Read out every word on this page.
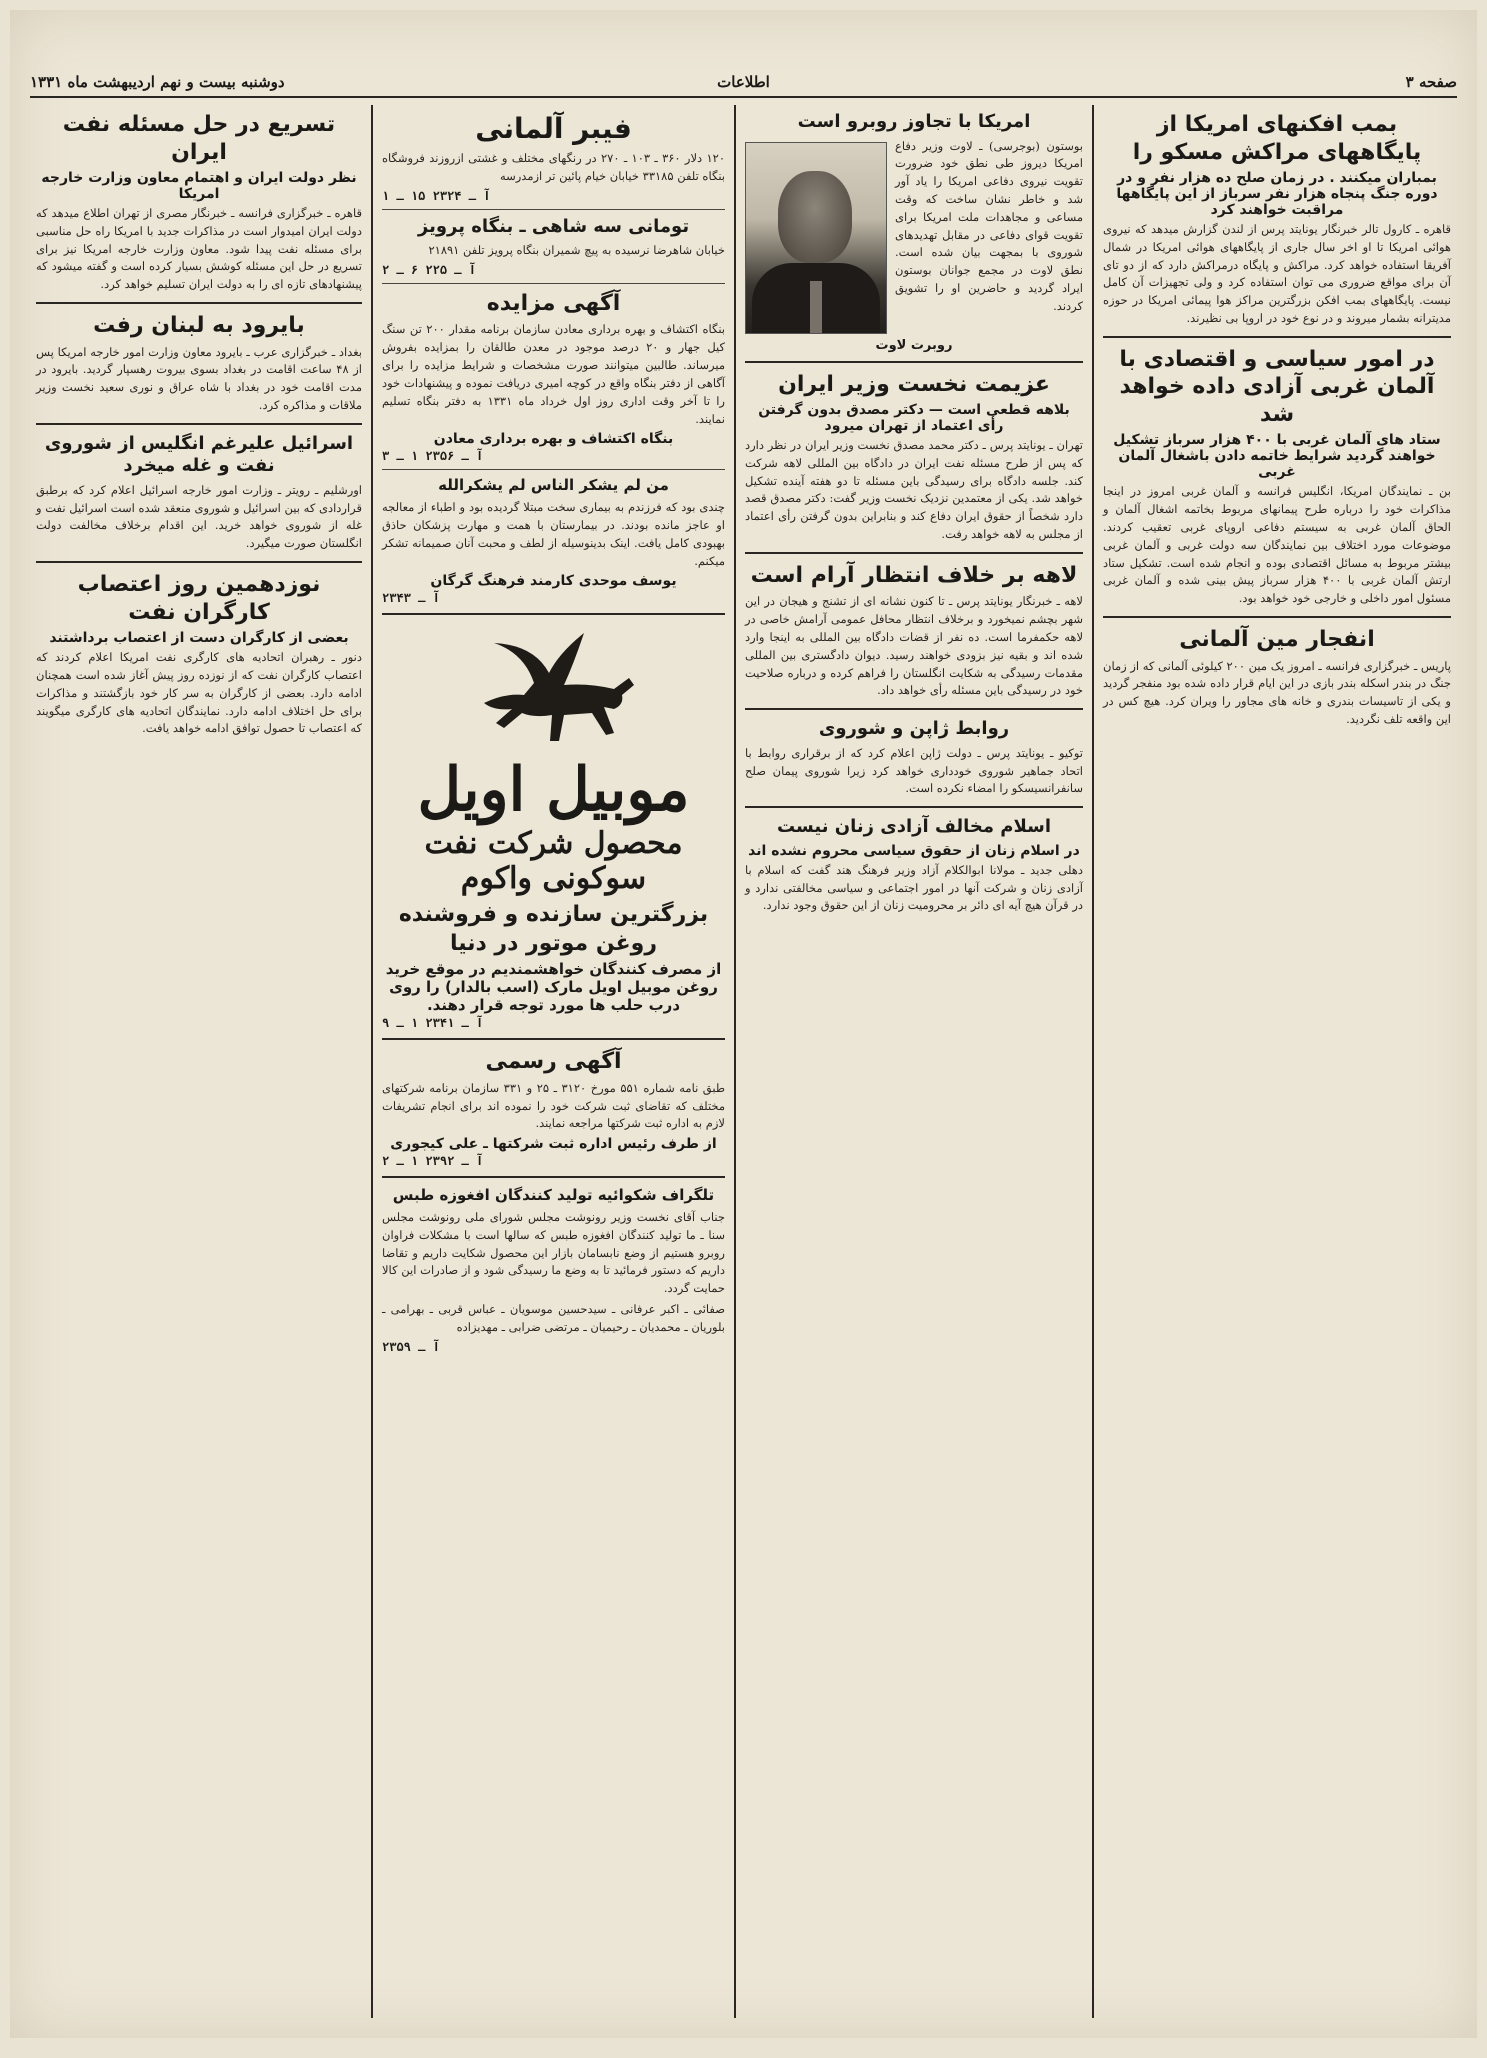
صفحه ۳
اطلاعات
دوشنبه بیست و نهم اردیبهشت ماه ۱۳۳۱
بمب افکنهای امریکا از پایگاههای مراکش مسکو را
بمباران میکنند . در زمان صلح ده هزار نفر و در دوره جنگ پنجاه هزار نفر سرباز از این پایگاهها مراقبت خواهند کرد

قاهره ـ کارول تالر خبرنگار یونایتد پرس از لندن گزارش میدهد که نیروی هوائی امریکا تا او اخر سال جاری از پایگاههای هوائی امریکا در شمال آفریقا استفاده خواهد کرد. مراکش و پایگاه درمراکش دارد که از دو تای آن برای مواقع ضروری می توان استفاده کرد و ولی تجهیزات آن کامل نیست. پایگاههای بمب افکن بزرگترین مراکز هوا پیمائی امریکا در حوزه مدیترانه بشمار میروند و در نوع خود در اروپا بی نظیرند.

در امور سیاسی و اقتصادی با آلمان غربی آزادی داده خواهد شد
ستاد های آلمان غربی با ۴۰۰ هزار سرباز تشکیل خواهند گردید شرایط خاتمه دادن باشغال آلمان غربی

بن ـ نمایندگان امریکا، انگلیس فرانسه و آلمان غربی امروز در اینجا مذاکرات خود را درباره طرح پیمانهای مربوط بخاتمه اشغال آلمان و الحاق آلمان غربی به سیستم دفاعی اروپای غربی تعقیب کردند. موضوعات مورد اختلاف بین نمایندگان سه دولت غربی و آلمان غربی بیشتر مربوط به مسائل اقتصادی بوده و انجام شده است. تشکیل ستاد ارتش آلمان غربی با ۴۰۰ هزار سرباز پیش بینی شده و آلمان غربی مسئول امور داخلی و خارجی خود خواهد بود.

انفجار مین آلمانی

پاریس ـ خبرگزاری فرانسه ـ امروز یک مین ۲۰۰ کیلوئی آلمانی که از زمان جنگ در بندر اسکله بندر بازی در این ایام قرار داده شده بود منفجر گردید و یکی از تاسیسات بندری و خانه های مجاور را ویران کرد. هیچ کس در این واقعه تلف نگردید.

امریکا با تجاوز روبرو است

بوستون (بوجرسی) ـ لاوت وزیر دفاع امریکا دیروز طی نطق خود ضرورت تقویت نیروی دفاعی امریکا را یاد آور شد و خاطر نشان ساخت که وقت مساعی و مجاهدات ملت امریکا برای تقویت قوای دفاعی در مقابل تهدیدهای شوروی با بمجهت بیان شده است. نطق لاوت در مجمع جوانان بوستون ایراد گردید و حاضرین او را تشویق کردند.

روبرت لاوت
عزیمت نخست وزیر ایران
بلاهه قطعی است — دکتر مصدق بدون گرفتن رأی اعتماد از تهران میرود

تهران ـ یونایتد پرس ـ دکتر محمد مصدق نخست وزیر ایران در نظر دارد که پس از طرح مسئله نفت ایران در دادگاه بین المللی لاهه شرکت کند. جلسه دادگاه برای رسیدگی باین مسئله تا دو هفته آینده تشکیل خواهد شد. یکی از معتمدین نزدیک نخست وزیر گفت: دکتر مصدق قصد دارد شخصاً از حقوق ایران دفاع کند و بنابراین بدون گرفتن رأی اعتماد از مجلس به لاهه خواهد رفت.

لاهه بر خلاف انتظار آرام است

لاهه ـ خبرنگار یونایتد پرس ـ تا کنون نشانه ای از تشنج و هیجان در این شهر بچشم نمیخورد و برخلاف انتظار محافل عمومی آرامش خاصی در لاهه حکمفرما است. ده نفر از قضات دادگاه بین المللی به اینجا وارد شده اند و بقیه نیز بزودی خواهند رسید. دیوان دادگستری بین المللی مقدمات رسیدگی به شکایت انگلستان را فراهم کرده و درباره صلاحیت خود در رسیدگی باین مسئله رأی خواهد داد.

روابط ژاپن و شوروی

توکیو ـ یونایتد پرس ـ دولت ژاپن اعلام کرد که از برقراری روابط با اتحاد جماهیر شوروی خودداری خواهد کرد زیرا شوروی پیمان صلح سانفرانسیسکو را امضاء نکرده است.

اسلام مخالف آزادی زنان نیست
در اسلام زنان از حقوق سیاسی محروم نشده اند

دهلی جدید ـ مولانا ابوالکلام آزاد وزیر فرهنگ هند گفت که اسلام با آزادی زنان و شرکت آنها در امور اجتماعی و سیاسی مخالفتی ندارد و در قرآن هیچ آیه ای دائر بر محرومیت زنان از این حقوق وجود ندارد.

فیبر آلمانی

۱۲۰ دلار ۳۶۰ ـ ۱۰۳ ـ ۲۷۰ در رنگهای مختلف و غشتی ازروزند فروشگاه بنگاه تلفن ۳۳۱۸۵ خیابان خیام پائین تر ازمدرسه

آ ـ ۲۳۲۴ ۱۵ ـ ۱
تومانی سه شاهی ـ بنگاه پرویز

خیابان شاهرضا نرسیده به پیچ شمیران بنگاه پرویز تلفن ۲۱۸۹۱

آ ـ ۲۲۵ ۶ ـ ۲
آگهی مزایده

بنگاه اکتشاف و بهره برداری معادن سازمان برنامه مقدار ۲۰۰ تن سنگ کیل جهار و ۲۰ درصد موجود در معدن طالقان را بمزایده بفروش میرساند. طالبین میتوانند صورت مشخصات و شرایط مزایده را برای آگاهی از دفتر بنگاه واقع در کوچه امیری دریافت نموده و پیشنهادات خود را تا آخر وقت اداری روز اول خرداد ماه ۱۳۳۱ به دفتر بنگاه تسلیم نمایند.

بنگاه اکتشاف و بهره برداری معادن
آ ـ ۲۳۵۶ ۱ ـ ۳
من لم یشکر الناس لم یشکرالله

چندی بود که فرزندم به بیماری سخت مبتلا گردیده بود و اطباء از معالجه او عاجز مانده بودند. در بیمارستان با همت و مهارت پزشکان حاذق بهبودی کامل یافت. اینک بدینوسیله از لطف و محبت آنان صمیمانه تشکر میکنم.

یوسف موحدی کارمند فرهنگ گرگان
آ ـ ۲۳۴۳
موبیل اویل
محصول شرکت نفت سوکونی واکوم
بزرگترین سازنده و فروشنده
روغن موتور در دنیا
از مصرف کنندگان خواهشمندیم در موقع خرید روغن موبیل اویل مارک (اسب بالدار) را روی درب حلب ها مورد توجه قرار دهند.
آ ـ ۲۳۴۱ ۱ ـ ۹
آگهی رسمی

طبق نامه شماره ۵۵۱ مورخ ۳۱۲۰ ـ ۲۵ و ۳۳۱ سازمان برنامه شرکتهای مختلف که تقاضای ثبت شرکت خود را نموده اند برای انجام تشریفات لازم به اداره ثبت شرکتها مراجعه نمایند.

از طرف رئیس اداره ثبت شرکتها ـ علی کیجوری
آ ـ ۲۳۹۲ ۱ ـ ۲
تلگراف شکوائیه تولید کنندگان افغوزه طبس

جناب آقای نخست وزیر رونوشت مجلس شورای ملی رونوشت مجلس سنا ـ ما تولید کنندگان افغوزه طبس که سالها است با مشکلات فراوان روبرو هستیم از وضع نابسامان بازار این محصول شکایت داریم و تقاضا داریم که دستور فرمائید تا به وضع ما رسیدگی شود و از صادرات این کالا حمایت گردد.

صفائی ـ اکبر عرفانی ـ سیدحسین موسویان ـ عباس قربی ـ بهرامی ـ بلوریان ـ محمدیان ـ رحیمیان ـ مرتضی ضرابی ـ مهدیزاده

آ ـ ۲۳۵۹
تسریع در حل مسئله نفت ایران
نظر دولت ایران و اهتمام معاون وزارت خارجه امریکا

قاهره ـ خبرگزاری فرانسه ـ خبرنگار مصری از تهران اطلاع میدهد که دولت ایران امیدوار است در مذاکرات جدید با امریکا راه حل مناسبی برای مسئله نفت پیدا شود. معاون وزارت خارجه امریکا نیز برای تسریع در حل این مسئله کوشش بسیار کرده است و گفته میشود که پیشنهادهای تازه ای را به دولت ایران تسلیم خواهد کرد.

بایرود به لبنان رفت

بغداد ـ خبرگزاری عرب ـ بایرود معاون وزارت امور خارجه امریکا پس از ۴۸ ساعت اقامت در بغداد بسوی بیروت رهسپار گردید. بایرود در مدت اقامت خود در بغداد با شاه عراق و نوری سعید نخست وزیر ملاقات و مذاکره کرد.

اسرائیل علیرغم انگلیس از شوروی نفت و غله میخرد

اورشلیم ـ رویتر ـ وزارت امور خارجه اسرائیل اعلام کرد که برطبق قراردادی که بین اسرائیل و شوروی منعقد شده است اسرائیل نفت و غله از شوروی خواهد خرید. این اقدام برخلاف مخالفت دولت انگلستان صورت میگیرد.

نوزدهمین روز اعتصاب کارگران نفت
بعضی از کارگران دست از اعتصاب برداشتند

دنور ـ رهبران اتحادیه های کارگری نفت امریکا اعلام کردند که اعتصاب کارگران نفت که از نوزده روز پیش آغاز شده است همچنان ادامه دارد. بعضی از کارگران به سر کار خود بازگشتند و مذاکرات برای حل اختلاف ادامه دارد. نمایندگان اتحادیه های کارگری میگویند که اعتصاب تا حصول توافق ادامه خواهد یافت.
